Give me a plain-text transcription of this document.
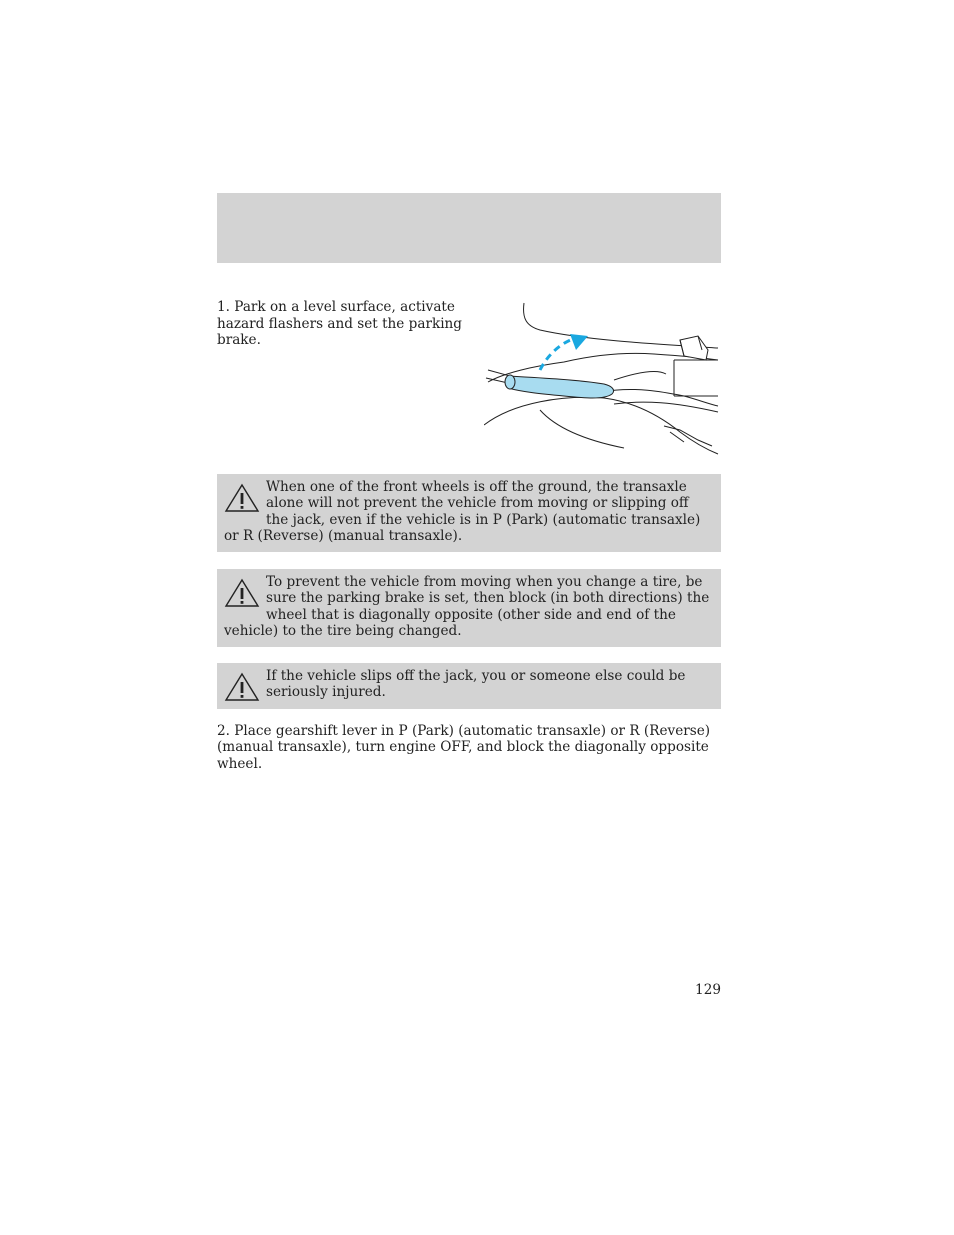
1. Park on a level surface, activate hazard flashers and set the parking brake.
When one of the front wheels is off the ground, the transaxle alone will not prevent the vehicle from moving or slipping off the jack, even if the vehicle is in P (Park) (automatic transaxle) or R (Reverse) (manual transaxle).
To prevent the vehicle from moving when you change a tire, be sure the parking brake is set, then block (in both directions) the wheel that is diagonally opposite (other side and end of the vehicle) to the tire being changed.
If the vehicle slips off the jack, you or someone else could be seriously injured.
2. Place gearshift lever in P (Park) (automatic transaxle) or R (Reverse) (manual transaxle), turn engine OFF, and block the diagonally opposite wheel.
129
